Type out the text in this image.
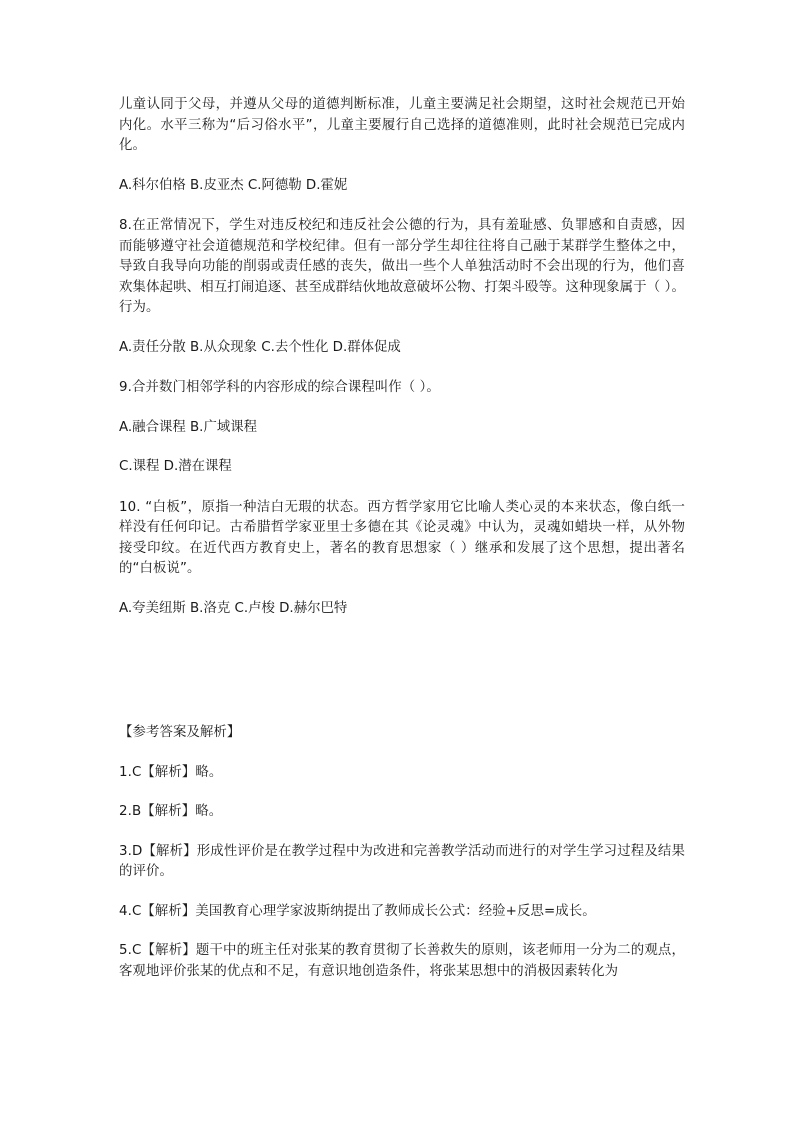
儿童认同于父母，并遵从父母的道德判断标准，儿童主要满足社会期望，这时社会规范已开始内化。水平三称为“后习俗水平”，儿童主要履行自己选择的道德准则，此时社会规范已完成内化。

A.科尔伯格 B.皮亚杰 C.阿德勒 D.霍妮

8.在正常情况下，学生对违反校纪和违反社会公德的行为，具有羞耻感、负罪感和自责感，因而能够遵守社会道德规范和学校纪律。但有一部分学生却往往将自己融于某群学生整体之中，导致自我导向功能的削弱或责任感的丧失，做出一些个人单独活动时不会出现的行为，他们喜欢集体起哄、相互打闹追逐、甚至成群结伙地故意破坏公物、打架斗殴等。这种现象属于（ ）。行为。

A.责任分散 B.从众现象 C.去个性化 D.群体促成

9.合并数门相邻学科的内容形成的综合课程叫作（ ）。

A.融合课程 B.广域课程

C.课程 D.潜在课程

10. “白板”，原指一种洁白无瑕的状态。西方哲学家用它比喻人类心灵的本来状态，像白纸一样没有任何印记。古希腊哲学家亚里士多德在其《论灵魂》中认为，灵魂如蜡块一样，从外物接受印纹。在近代西方教育史上，著名的教育思想家（ ）继承和发展了这个思想，提出著名的“白板说”。

A.夸美纽斯 B.洛克 C.卢梭 D.赫尔巴特

【参考答案及解析】

1.C【解析】略。

2.B【解析】略。

3.D【解析】形成性评价是在教学过程中为改进和完善教学活动而进行的对学生学习过程及结果的评价。

4.C【解析】美国教育心理学家波斯纳提出了教师成长公式：经验+反思=成长。

5.C【解析】题干中的班主任对张某的教育贯彻了长善救失的原则，该老师用一分为二的观点，客观地评价张某的优点和不足，有意识地创造条件，将张某思想中的消极因素转化为
